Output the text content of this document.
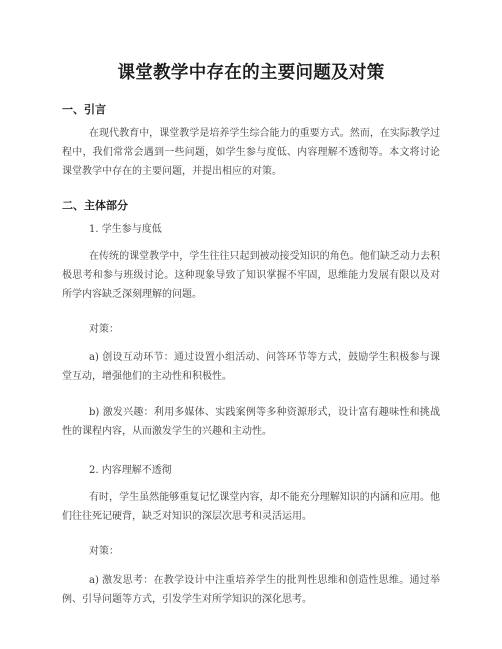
课堂教学中存在的主要问题及对策
一、引言

在现代教育中，课堂教学是培养学生综合能力的重要方式。然而，在实际教学过程中，我们常常会遇到一些问题，如学生参与度低、内容理解不透彻等。本文将讨论课堂教学中存在的主要问题，并提出相应的对策。

二、主体部分

1. 学生参与度低

在传统的课堂教学中，学生往往只起到被动接受知识的角色。他们缺乏动力去积极思考和参与班级讨论。这种现象导致了知识掌握不牢固，思维能力发展有限以及对所学内容缺乏深刻理解的问题。

对策：

a) 创设互动环节：通过设置小组活动、问答环节等方式，鼓励学生积极参与课堂互动，增强他们的主动性和积极性。

b) 激发兴趣：利用多媒体、实践案例等多种资源形式，设计富有趣味性和挑战性的课程内容，从而激发学生的兴趣和主动性。

2. 内容理解不透彻

有时，学生虽然能够重复记忆课堂内容，却不能充分理解知识的内涵和应用。他们往往死记硬背，缺乏对知识的深层次思考和灵活运用。

对策：

a) 激发思考：在教学设计中注重培养学生的批判性思维和创造性思维。通过举例、引导问题等方式，引发学生对所学知识的深化思考。
